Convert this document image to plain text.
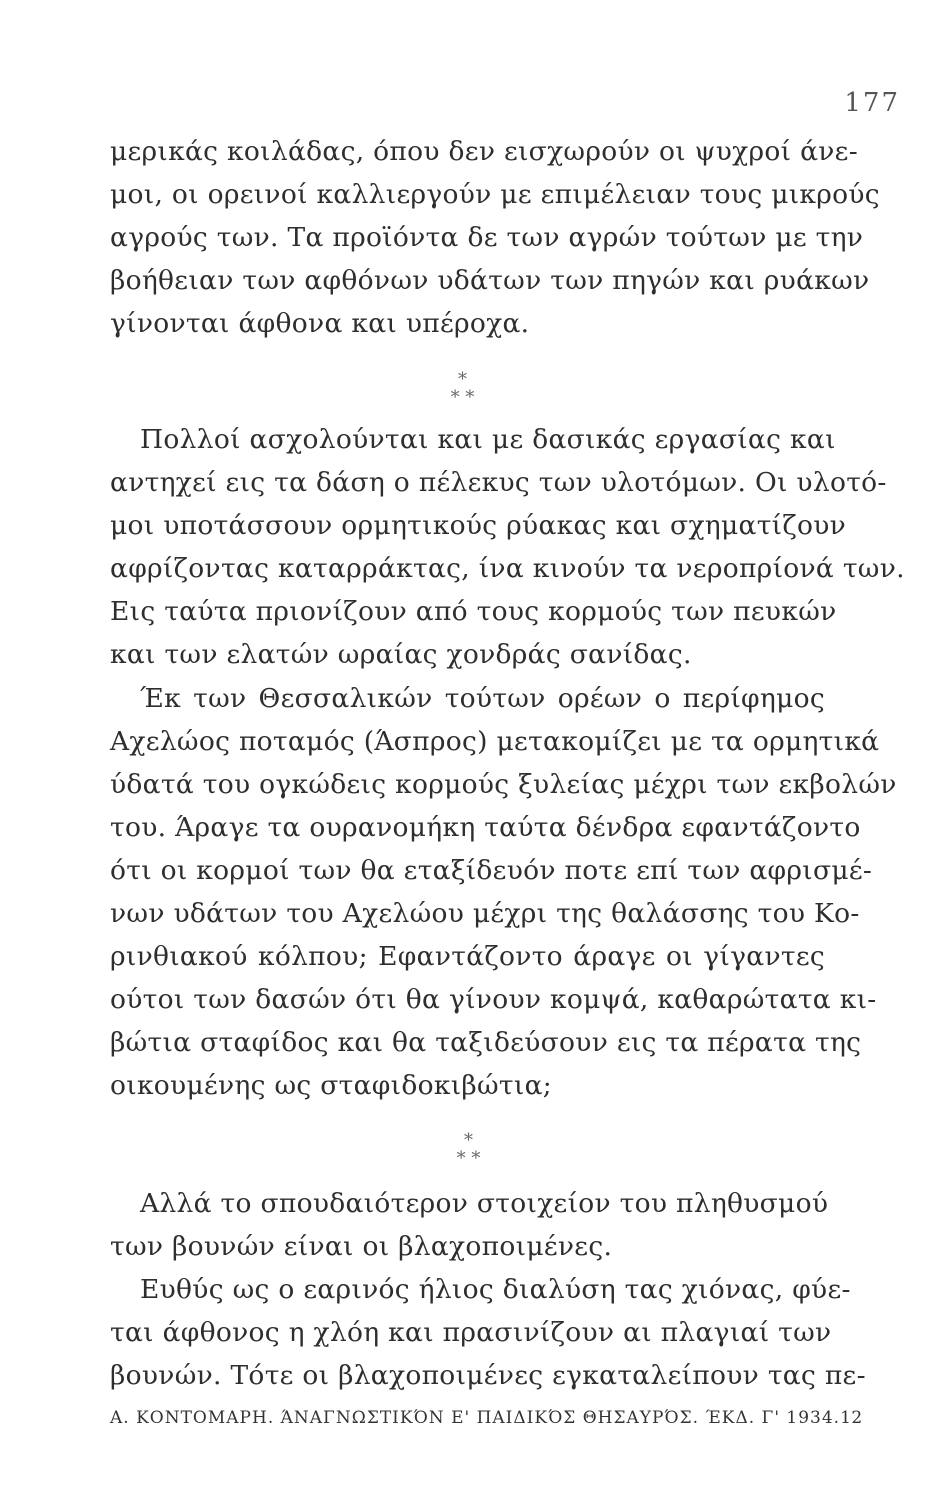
177
μερικάς κοιλάδας, όπου δεν εισχωρούν οι ψυχροί άνε-
μοι, οι ορεινοί καλλιεργούν με επιμέλειαν τους μικρούς
αγρούς των. Τα προϊόντα δε των αγρών τούτων με την
βοήθειαν των αφθόνων υδάτων των πηγών και ρυάκων
γίνονται άφθονα και υπέροχα.
Πολλοί ασχολούνται και με δασικάς εργασίας και
αντηχεί εις τα δάση ο πέλεκυς των υλοτόμων. Οι υλοτό-
μοι υποτάσσουν ορμητικούς ρύακας και σχηματίζουν
αφρίζοντας καταρράκτας, ίνα κινούν τα νεροπρίονά των.
Εις ταύτα πριονίζουν από τους κορμούς των πευκών
και των ελατών ωραίας χονδράς σανίδας.
Έκ των Θεσσαλικών τούτων ορέων ο περίφημος
Αχελώος ποταμός (Άσπρος) μετακομίζει με τα ορμητικά
ύδατά του ογκώδεις κορμούς ξυλείας μέχρι των εκβολών
του. Άραγε τα ουρανομήκη ταύτα δένδρα εφαντάζοντο
ότι οι κορμοί των θα εταξίδευόν ποτε επί των αφρισμέ-
νων υδάτων του Αχελώου μέχρι της θαλάσσης του Κο-
ρινθιακού κόλπου; Εφαντάζοντο άραγε οι γίγαντες
ούτοι των δασών ότι θα γίνουν κομψά, καθαρώτατα κι-
βώτια σταφίδος και θα ταξιδεύσουν εις τα πέρατα της
οικουμένης ως σταφιδοκιβώτια;
Αλλά το σπουδαιότερον στοιχείον του πληθυσμού
των βουνών είναι οι βλαχοποιμένες.
Ευθύς ως ο εαρινός ήλιος διαλύση τας χιόνας, φύε-
ται άφθονος η χλόη και πρασινίζουν αι πλαγιαί των
βουνών. Τότε οι βλαχοποιμένες εγκαταλείπουν τας πε-
*
* *
*
* *
Α. ΚΟΝΤΟΜΑΡΗ. ΆΝΑΓΝΩΣΤΙΚΌΝ Ε' ΠΑΙΔΙΚΌΣ ΘΗΣΑΥΡΌΣ. ΈΚΔ. Γ' 1934. 12
